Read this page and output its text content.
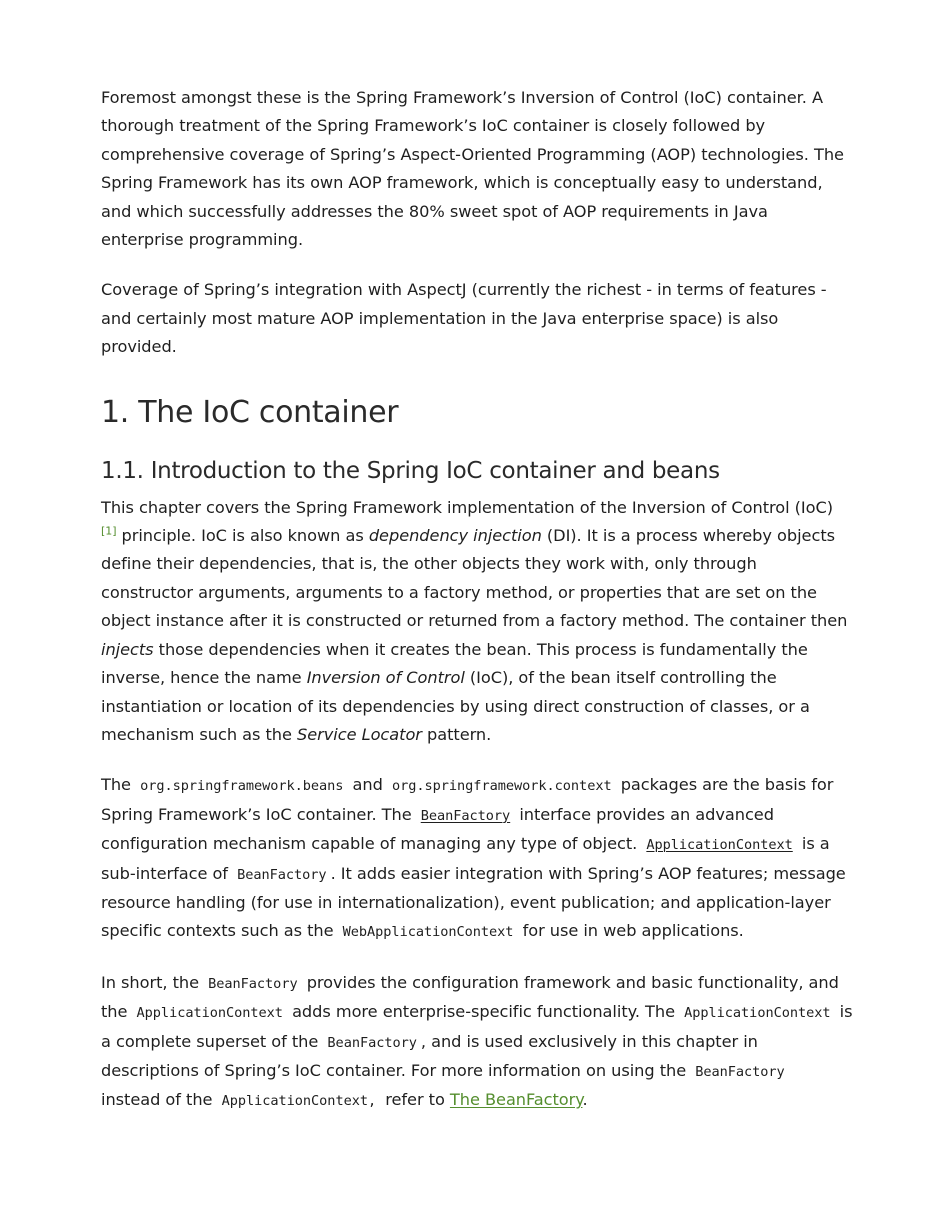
Foremost amongst these is the Spring Framework’s Inversion of Control (IoC) container. A thorough treatment of the Spring Framework’s IoC container is closely followed by comprehensive coverage of Spring’s Aspect-Oriented Programming (AOP) technologies. The Spring Framework has its own AOP framework, which is conceptually easy to understand, and which successfully addresses the 80% sweet spot of AOP requirements in Java enterprise programming.

Coverage of Spring’s integration with AspectJ (currently the richest - in terms of features - and certainly most mature AOP implementation in the Java enterprise space) is also provided.

1. The IoC container
1.1. Introduction to the Spring IoC container and beans

This chapter covers the Spring Framework implementation of the Inversion of Control (IoC) [1] principle. IoC is also known as dependency injection (DI). It is a process whereby objects define their dependencies, that is, the other objects they work with, only through constructor arguments, arguments to a factory method, or properties that are set on the object instance after it is constructed or returned from a factory method. The container then injects those dependencies when it creates the bean. This process is fundamentally the inverse, hence the name Inversion of Control (IoC), of the bean itself controlling the instantiation or location of its dependencies by using direct construction of classes, or a mechanism such as the Service Locator pattern.

The org.springframework.beans and org.springframework.context packages are the basis for Spring Framework’s IoC container. The BeanFactory interface provides an advanced configuration mechanism capable of managing any type of object. ApplicationContext is a sub-interface of BeanFactory . It adds easier integration with Spring’s AOP features; message resource handling (for use in internationalization), event publication; and application-layer specific contexts such as the WebApplicationContext for use in web applications.

In short, the BeanFactory provides the configuration framework and basic functionality, and the ApplicationContext adds more enterprise-specific functionality. The ApplicationContext is a complete superset of the BeanFactory , and is used exclusively in this chapter in descriptions of Spring’s IoC container. For more information on using the BeanFactory instead of the ApplicationContext, refer to The BeanFactory.
